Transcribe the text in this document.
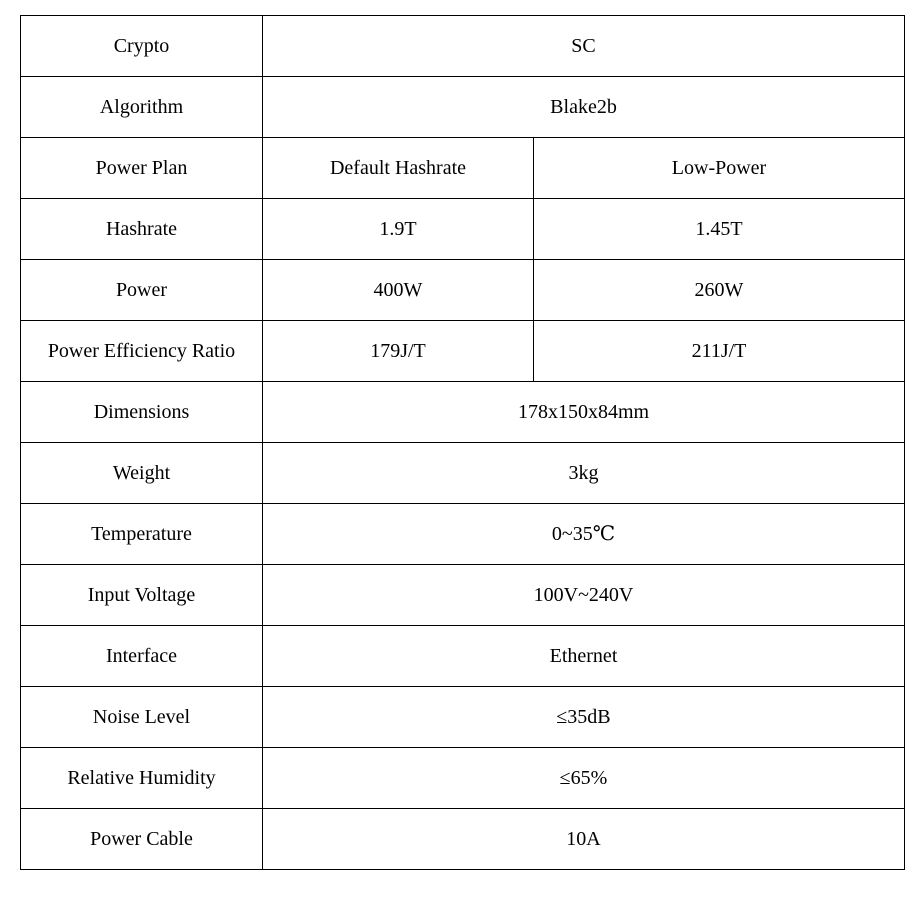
Crypto	SC	
Algorithm	Blake2b	
Power Plan	Default Hashrate	Low-Power
Hashrate	1.9T	1.45T
Power	400W	260W
Power Efficiency Ratio	179J/T	211J/T
Dimensions	178x150x84mm	
Weight	3kg	
Temperature	0~35℃	
Input Voltage	100V~240V	
Interface	Ethernet	
Noise Level	≤35dB	
Relative Humidity	≤65%	
Power Cable	10A	
